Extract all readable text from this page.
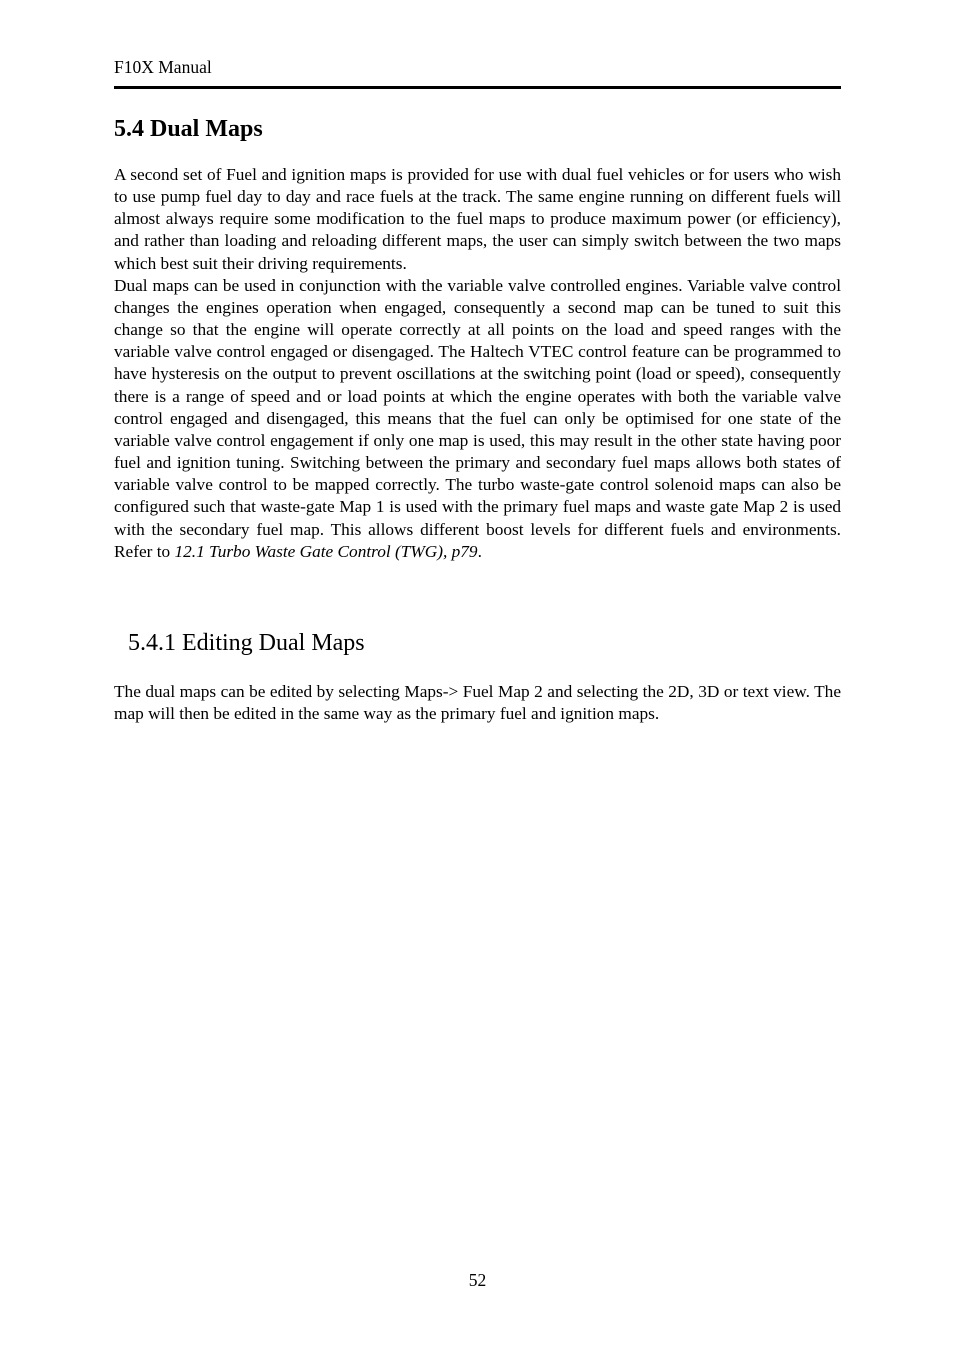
F10X Manual
5.4 Dual Maps

A second set of Fuel and ignition maps is provided for use with dual fuel vehicles or for users who wish to use pump fuel day to day and race fuels at the track. The same engine running on different fuels will almost always require some modification to the fuel maps to produce maximum power (or efficiency), and rather than loading and reloading different maps, the user can simply switch between the two maps which best suit their driving requirements.

Dual maps can be used in conjunction with the variable valve controlled engines. Variable valve control changes the engines operation when engaged, consequently a second map can be tuned to suit this change so that the engine will operate correctly at all points on the load and speed ranges with the variable valve control engaged or disengaged. The Haltech VTEC control feature can be programmed to have hysteresis on the output to prevent oscillations at the switching point (load or speed), consequently there is a range of speed and or load points at which the engine operates with both the variable valve control engaged and disengaged, this means that the fuel can only be optimised for one state of the variable valve control engagement if only one map is used, this may result in the other state having poor fuel and ignition tuning. Switching between the primary and secondary fuel maps allows both states of variable valve control to be mapped correctly. The turbo waste-gate control solenoid maps can also be configured such that waste-gate Map 1 is used with the primary fuel maps and waste gate Map 2 is used with the secondary fuel map. This allows different boost levels for different fuels and environments. Refer to 12.1 Turbo Waste Gate Control (TWG), p79.

5.4.1 Editing Dual Maps

The dual maps can be edited by selecting Maps-> Fuel Map 2 and selecting the 2D, 3D or text view. The map will then be edited in the same way as the primary fuel and ignition maps.

52
